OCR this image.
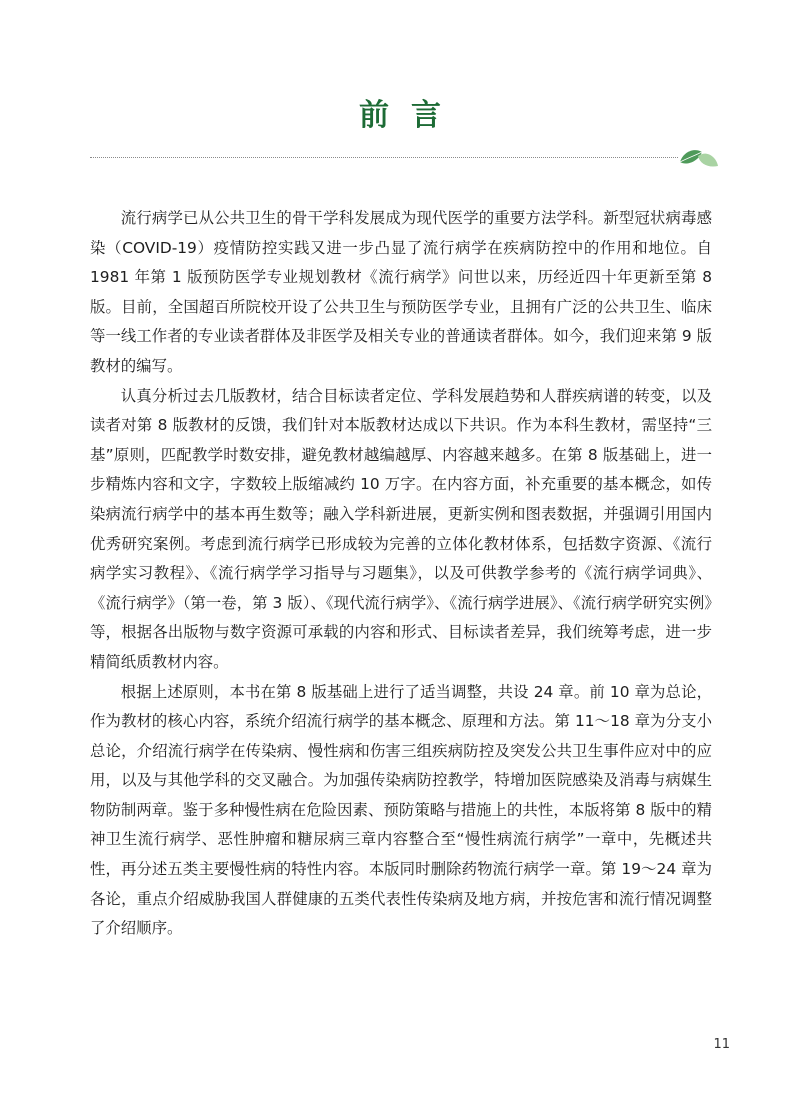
前言

流行病学已从公共卫生的骨干学科发展成为现代医学的重要方法学科。新型冠状病毒感染（COVID-19）疫情防控实践又进一步凸显了流行病学在疾病防控中的作用和地位。自 1981 年第 1 版预防医学专业规划教材《流行病学》问世以来，历经近四十年更新至第 8 版。目前，全国超百所院校开设了公共卫生与预防医学专业，且拥有广泛的公共卫生、临床等一线工作者的专业读者群体及非医学及相关专业的普通读者群体。如今，我们迎来第 9 版教材的编写。

认真分析过去几版教材，结合目标读者定位、学科发展趋势和人群疾病谱的转变，以及读者对第 8 版教材的反馈，我们针对本版教材达成以下共识。作为本科生教材，需坚持“三基”原则，匹配教学时数安排，避免教材越编越厚、内容越来越多。在第 8 版基础上，进一步精炼内容和文字，字数较上版缩减约 10 万字。在内容方面，补充重要的基本概念，如传染病流行病学中的基本再生数等；融入学科新进展，更新实例和图表数据，并强调引用国内优秀研究案例。考虑到流行病学已形成较为完善的立体化教材体系，包括数字资源、《流行病学实习教程》、《流行病学学习指导与习题集》，以及可供教学参考的《流行病学词典》、《流行病学》（第一卷，第 3 版）、《现代流行病学》、《流行病学进展》、《流行病学研究实例》等，根据各出版物与数字资源可承载的内容和形式、目标读者差异，我们统筹考虑，进一步精简纸质教材内容。

根据上述原则，本书在第 8 版基础上进行了适当调整，共设 24 章。前 10 章为总论，作为教材的核心内容，系统介绍流行病学的基本概念、原理和方法。第 11～18 章为分支小总论，介绍流行病学在传染病、慢性病和伤害三组疾病防控及突发公共卫生事件应对中的应用，以及与其他学科的交叉融合。为加强传染病防控教学，特增加医院感染及消毒与病媒生物防制两章。鉴于多种慢性病在危险因素、预防策略与措施上的共性，本版将第 8 版中的精神卫生流行病学、恶性肿瘤和糖尿病三章内容整合至“慢性病流行病学”一章中，先概述共性，再分述五类主要慢性病的特性内容。本版同时删除药物流行病学一章。第 19～24 章为各论，重点介绍威胁我国人群健康的五类代表性传染病及地方病，并按危害和流行情况调整了介绍顺序。

11
